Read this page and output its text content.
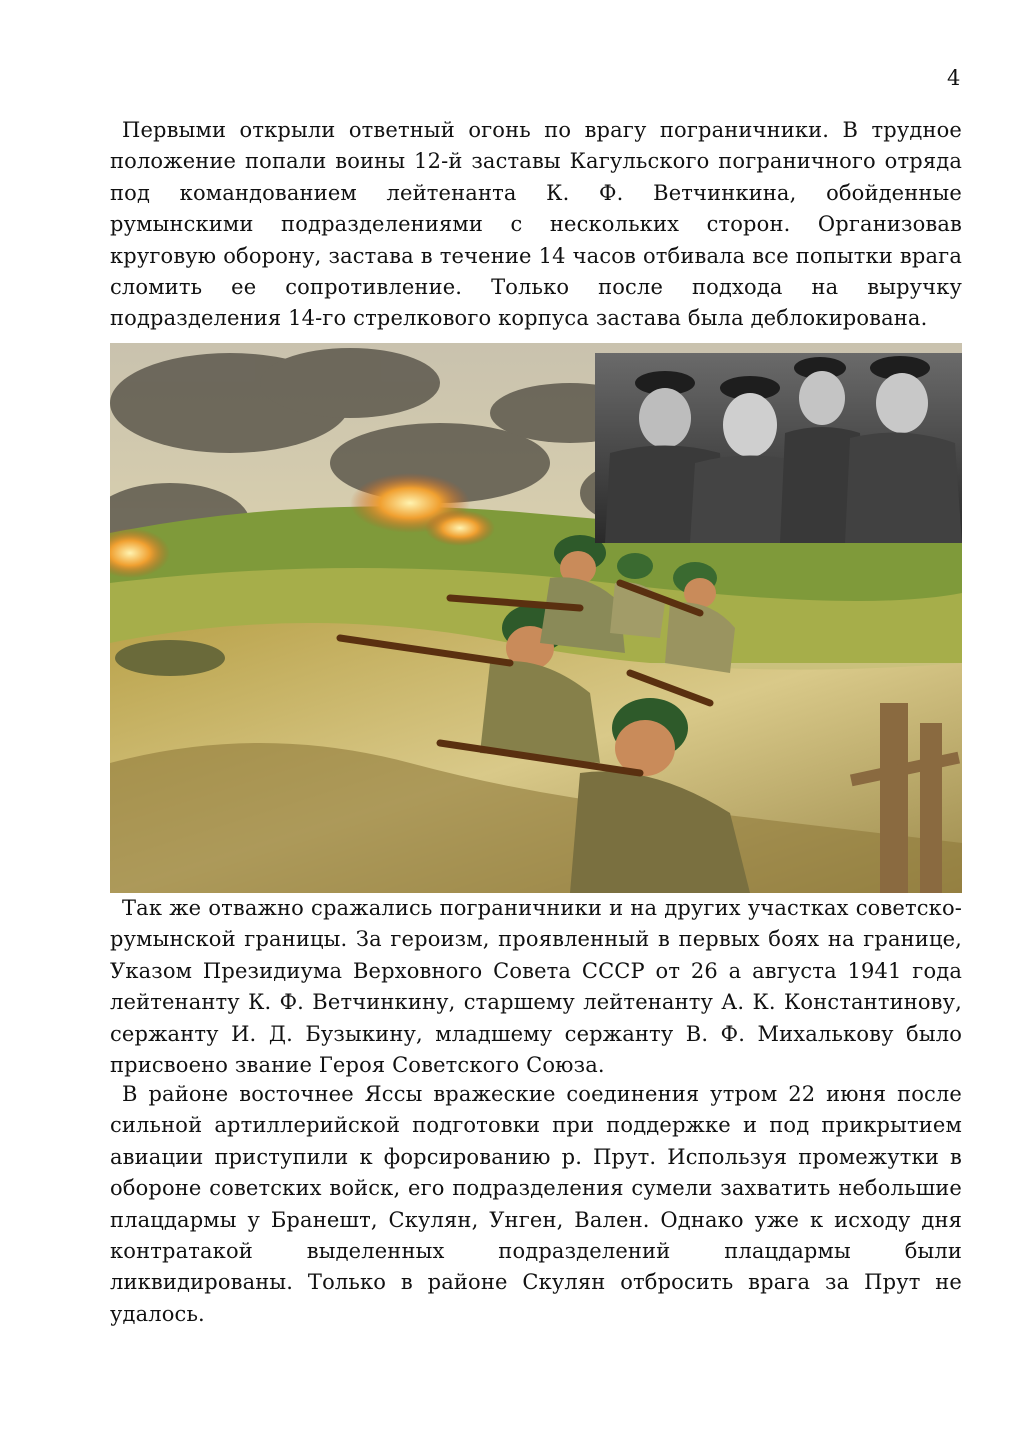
4

Первыми открыли ответный огонь по врагу пограничники. В трудное положение попали воины 12-й заставы Кагульского пограничного отряда под командованием лейтенанта К. Ф. Ветчинкина, обойденные румынскими подразделениями с нескольких сторон. Организовав круговую оборону, застава в течение 14 часов отбивала все попытки врага сломить ее сопротивление. Только после подхода на выручку подразделения 14-го стрелкового корпуса застава была деблокирована.

Так же отважно сражались пограничники и на других участках советско-румынской границы. За героизм, проявленный в первых боях на границе, Указом Президиума Верховного Совета СССР от 26 а августа 1941 года лейтенанту К. Ф. Ветчинкину, старшему лейтенанту А. К. Константинову, сержанту И. Д. Бузыкину, младшему сержанту В. Ф. Михалькову было присвоено звание Героя Советского Союза.

В районе восточнее Яссы вражеские соединения утром 22 июня после сильной артиллерийской подготовки при поддержке и под прикрытием авиации приступили к форсированию р. Прут. Используя промежутки в обороне советских войск, его подразделения сумели захватить небольшие плацдармы у Бранешт, Скулян, Унген, Вален. Однако уже к исходу дня контратакой выделенных подразделений плацдармы были ликвидированы. Только в районе Скулян отбросить врага за Прут не удалось.
